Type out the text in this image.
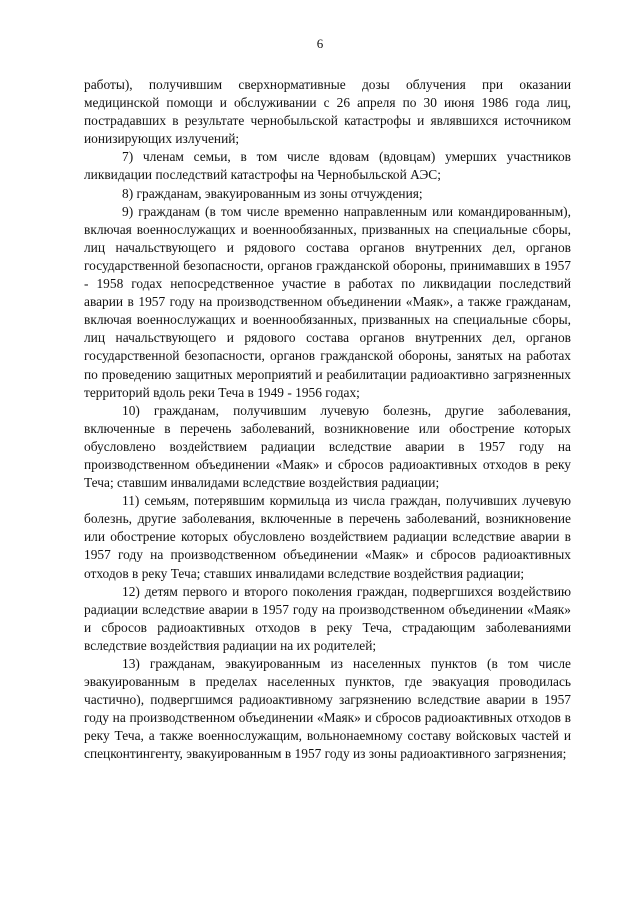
6

работы), получившим сверхнормативные дозы облучения при оказании медицинской помощи и обслуживании с 26 апреля по 30 июня 1986 года лиц, пострадавших в результате чернобыльской катастрофы и являвшихся источником ионизирующих излучений;

7) членам семьи, в том числе вдовам (вдовцам) умерших участников ликвидации последствий катастрофы на Чернобыльской АЭС;

8) гражданам, эвакуированным из зоны отчуждения;

9) гражданам (в том числе временно направленным или командированным), включая военнослужащих и военнообязанных, призванных на специальные сборы, лиц начальствующего и рядового состава органов внутренних дел, органов государственной безопасности, органов гражданской обороны, принимавших в 1957 - 1958 годах непосредственное участие в работах по ликвидации последствий аварии в 1957 году на производственном объединении «Маяк», а также гражданам, включая военнослужащих и военнообязанных, призванных на специальные сборы, лиц начальствующего и рядового состава органов внутренних дел, органов государственной безопасности, органов гражданской обороны, занятых на работах по проведению защитных мероприятий и реабилитации радиоактивно загрязненных территорий вдоль реки Теча в 1949 - 1956 годах;

10) гражданам, получившим лучевую болезнь, другие заболевания, включенные в перечень заболеваний, возникновение или обострение которых обусловлено воздействием радиации вследствие аварии в 1957 году на производственном объединении «Маяк» и сбросов радиоактивных отходов в реку Теча; ставшим инвалидами вследствие воздействия радиации;

11) семьям, потерявшим кормильца из числа граждан, получивших лучевую болезнь, другие заболевания, включенные в перечень заболеваний, возникновение или обострение которых обусловлено воздействием радиации вследствие аварии в 1957 году на производственном объединении «Маяк» и сбросов радиоактивных отходов в реку Теча; ставших инвалидами вследствие воздействия радиации;

12) детям первого и второго поколения граждан, подвергшихся воздействию радиации вследствие аварии в 1957 году на производственном объединении «Маяк» и сбросов радиоактивных отходов в реку Теча, страдающим заболеваниями вследствие воздействия радиации на их родителей;

13) гражданам, эвакуированным из населенных пунктов (в том числе эвакуированным в пределах населенных пунктов, где эвакуация проводилась частично), подвергшимся радиоактивному загрязнению вследствие аварии в 1957 году на производственном объединении «Маяк» и сбросов радиоактивных отходов в реку Теча, а также военнослужащим, вольнонаемному составу войсковых частей и спецконтингенту, эвакуированным в 1957 году из зоны радиоактивного загрязнения;
